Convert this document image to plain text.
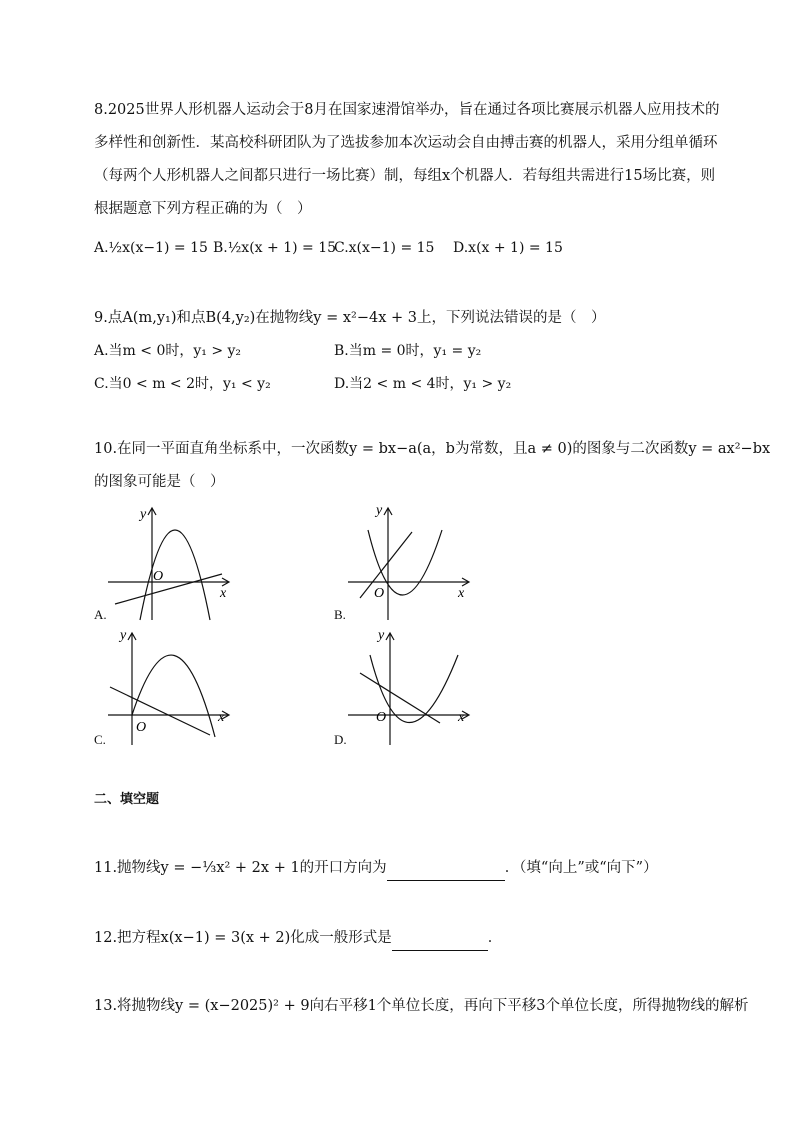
8.2025世界人形机器人运动会于8月在国家速滑馆举办，旨在通过各项比赛展示机器人应用技术的
多样性和创新性．某高校科研团队为了选拔参加本次运动会自由搏击赛的机器人，采用分组单循环
（每两个人形机器人之间都只进行一场比赛）制，每组x个机器人．若每组共需进行15场比赛，则
根据题意下列方程正确的为（　）
A.½x(x−1) = 15 B.½x(x + 1) = 15
C.x(x−1) = 15 D.x(x + 1) = 15
9.点A(m,y₁)和点B(4,y₂)在抛物线y = x²−4x + 3上，下列说法错误的是（　）
A.当m < 0时，y₁ > y₂	B.当m = 0时，y₁ = y₂
C.当0 < m < 2时，y₁ < y₂	D.当2 < m < 4时，y₁ > y₂
10.在同一平面直角坐标系中，一次函数y = bx−a(a，b为常数，且a ≠ 0)的图象与二次函数y = ax²−bx
的图象可能是（　）
y
x
O
A.
y
x
O
B.
y
x
O
C.
y
x
O
D.
二、填空题
11.抛物线y = −⅓x² + 2x + 1的开口方向为	．（填“向上”或“向下”）
12.把方程x(x−1) = 3(x + 2)化成一般形式是	．
13.将抛物线y = (x−2025)² + 9向右平移1个单位长度，再向下平移3个单位长度，所得抛物线的解析
